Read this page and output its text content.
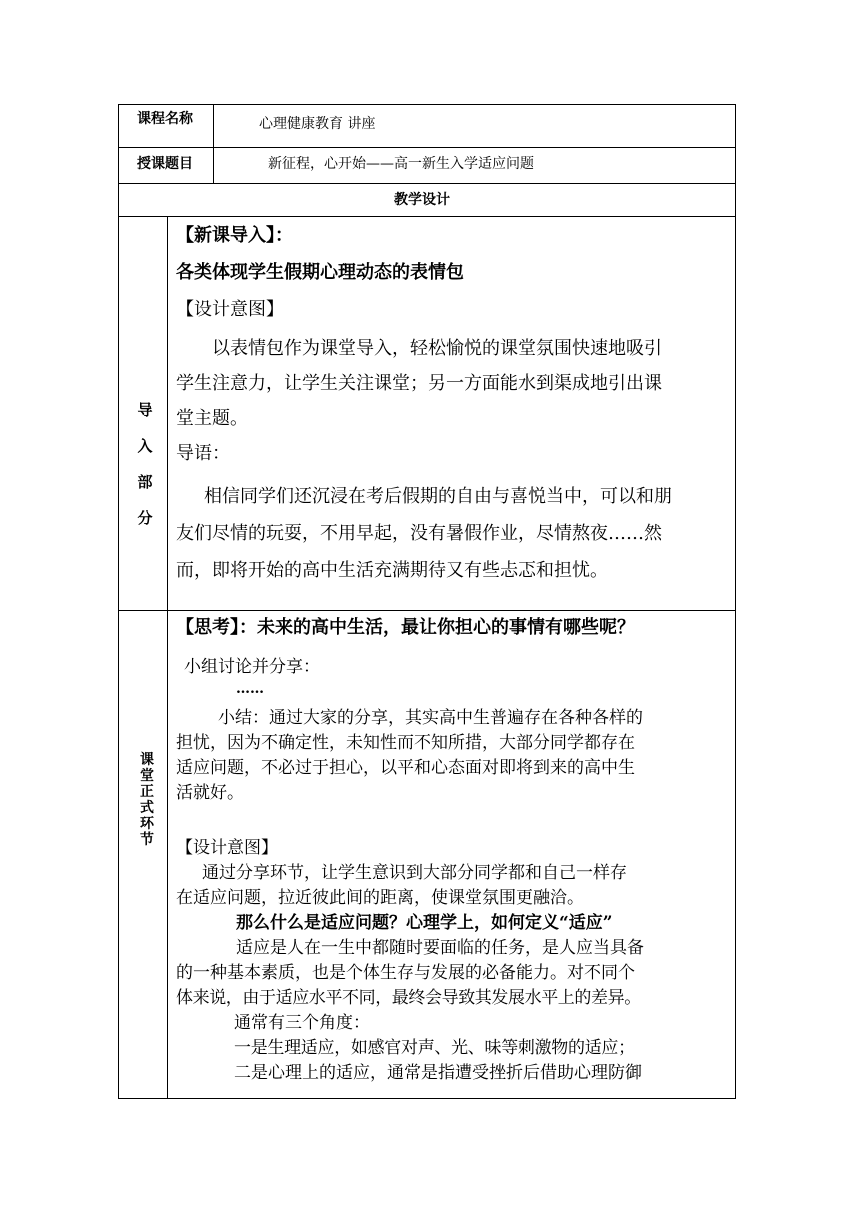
课程名称	心理健康教育 讲座
授课题目	新征程，心开始——高一新生入学适应问题
教学设计
导
入
部
分

【新课导入】：

各类体现学生假期心理动态的表情包

【设计意图】

以表情包作为课堂导入，轻松愉悦的课堂氛围快速地吸引

学生注意力，让学生关注课堂；另一方面能水到渠成地引出课

堂主题。

导语：

相信同学们还沉浸在考后假期的自由与喜悦当中，可以和朋

友们尽情的玩耍，不用早起，没有暑假作业，尽情熬夜……然

而，即将开始的高中生活充满期待又有些忐忑和担忧。

课
堂
正
式
环
节

【思考】：未来的高中生活，最让你担心的事情有哪些呢？

小组讨论并分享：

……

小结：通过大家的分享，其实高中生普遍存在各种各样的

担忧，因为不确定性，未知性而不知所措，大部分同学都存在

适应问题，不必过于担心，以平和心态面对即将到来的高中生

活就好。

【设计意图】

通过分享环节，让学生意识到大部分同学都和自己一样存

在适应问题，拉近彼此间的距离，使课堂氛围更融洽。

那么什么是适应问题？心理学上，如何定义“适应”

适应是人在一生中都随时要面临的任务，是人应当具备

的一种基本素质，也是个体生存与发展的必备能力。对不同个

体来说，由于适应水平不同，最终会导致其发展水平上的差异。

通常有三个角度：

一是生理适应，如感官对声、光、味等刺激物的适应；

二是心理上的适应，通常是指遭受挫折后借助心理防御
